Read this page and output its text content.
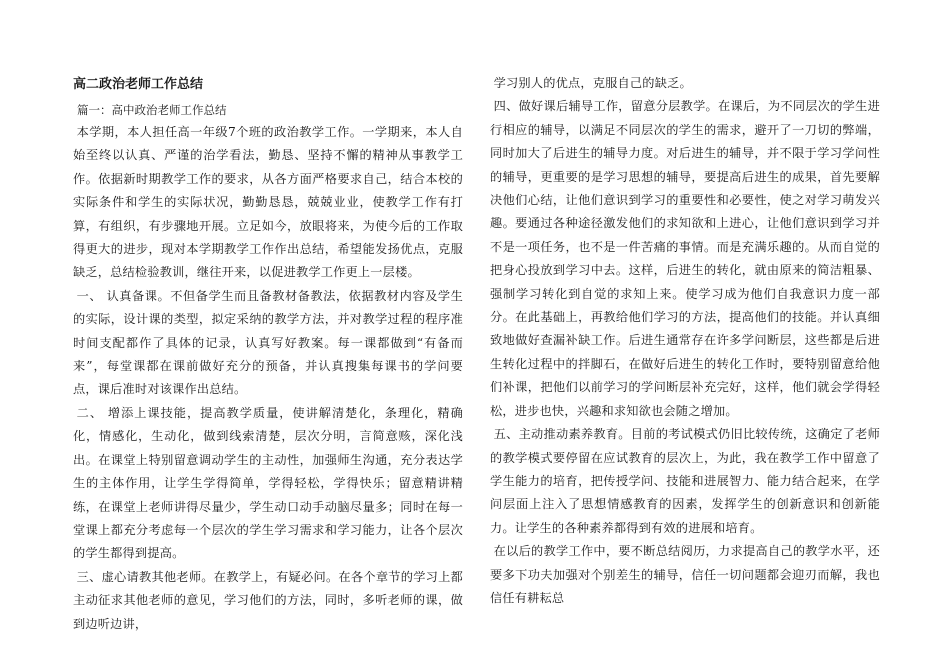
高二政治老师工作总结
篇一：高中政治老师工作总结

本学期，本人担任高一年级7个班的政治教学工作。一学期来，本人自始至终以认真、严谨的治学看法，勤恳、坚持不懈的精神从事教学工作。依据新时期教学工作的要求，从各方面严格要求自己，结合本校的实际条件和学生的实际状况，勤勤恳恳，兢兢业业，使教学工作有打算，有组织，有步骤地开展。立足如今，放眼将来，为使今后的工作取得更大的进步，现对本学期教学工作作出总结，希望能发扬优点，克服缺乏，总结检验教训，继往开来，以促进教学工作更上一层楼。

一、 认真备课。不但备学生而且备教材备教法，依据教材内容及学生的实际，设计课的类型，拟定采纳的教学方法，并对教学过程的程序准时间支配都作了具体的记录，认真写好教案。每一课都做到“有备而来”，每堂课都在课前做好充分的预备，并认真搜集每课书的学问要点，课后准时对该课作出总结。

二、 增添上课技能，提高教学质量，使讲解清楚化，条理化，精确化，情感化，生动化，做到线索清楚，层次分明，言简意赅，深化浅出。在课堂上特别留意调动学生的主动性，加强师生沟通，充分表达学生的主体作用，让学生学得简单，学得轻松，学得快乐；留意精讲精练，在课堂上老师讲得尽量少，学生动口动手动脑尽量多；同时在每一堂课上都充分考虑每一个层次的学生学习需求和学习能力，让各个层次的学生都得到提高。

三、虚心请教其他老师。在教学上，有疑必问。在各个章节的学习上都主动征求其他老师的意见，学习他们的方法，同时，多听老师的课，做到边听边讲，

学习别人的优点，克服自己的缺乏。

四、做好课后辅导工作，留意分层教学。在课后，为不同层次的学生进行相应的辅导，以满足不同层次的学生的需求，避开了一刀切的弊端，同时加大了后进生的辅导力度。对后进生的辅导，并不限于学习学问性的辅导，更重要的是学习思想的辅导，要提高后进生的成果，首先要解决他们心结，让他们意识到学习的重要性和必要性，使之对学习萌发兴趣。要通过各种途径激发他们的求知欲和上进心，让他们意识到学习并不是一项任务，也不是一件苦痛的事情。而是充满乐趣的。从而自觉的把身心投放到学习中去。这样，后进生的转化，就由原来的简洁粗暴、强制学习转化到自觉的求知上来。使学习成为他们自我意识力度一部分。在此基础上，再教给他们学习的方法，提高他们的技能。并认真细致地做好查漏补缺工作。后进生通常存在许多学问断层，这些都是后进生转化过程中的拌脚石，在做好后进生的转化工作时，要特别留意给他们补课，把他们以前学习的学问断层补充完好，这样，他们就会学得轻松，进步也快，兴趣和求知欲也会随之增加。

五、主动推动素养教育。目前的考试模式仍旧比较传统，这确定了老师的教学模式要停留在应试教育的层次上，为此，我在教学工作中留意了学生能力的培育，把传授学问、技能和进展智力、能力结合起来，在学问层面上注入了思想情感教育的因素，发挥学生的创新意识和创新能力。让学生的各种素养都得到有效的进展和培育。

在以后的教学工作中，要不断总结阅历，力求提高自己的教学水平，还要多下功夫加强对个别差生的辅导，信任一切问题都会迎刃而解，我也信任有耕耘总
